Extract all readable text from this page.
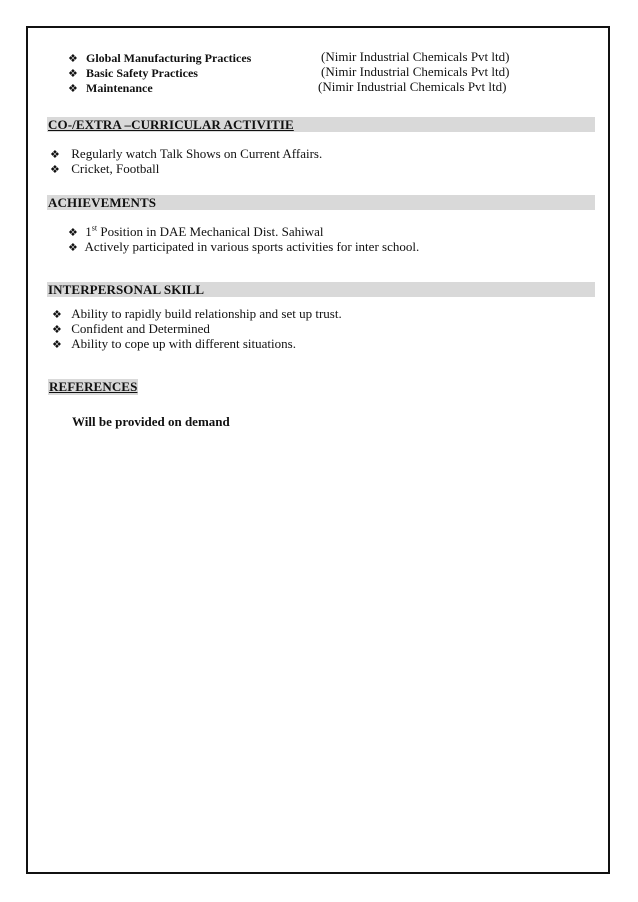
❖ Global Manufacturing Practices	(Nimir Industrial Chemicals Pvt ltd)
❖ Basic Safety Practices	(Nimir Industrial Chemicals Pvt ltd)
❖ Maintenance	(Nimir Industrial Chemicals Pvt ltd)
CO-/EXTRA –CURRICULAR ACTIVITIE
❖ Regularly watch Talk Shows on Current Affairs.
❖ Cricket, Football
ACHIEVEMENTS
❖ 1st Position in DAE Mechanical Dist. Sahiwal
❖ Actively participated in various sports activities for inter school.
INTERPERSONAL SKILL
❖ Ability to rapidly build relationship and set up trust.
❖ Confident and Determined
❖ Ability to cope up with different situations.
REFERENCES
Will be provided on demand
